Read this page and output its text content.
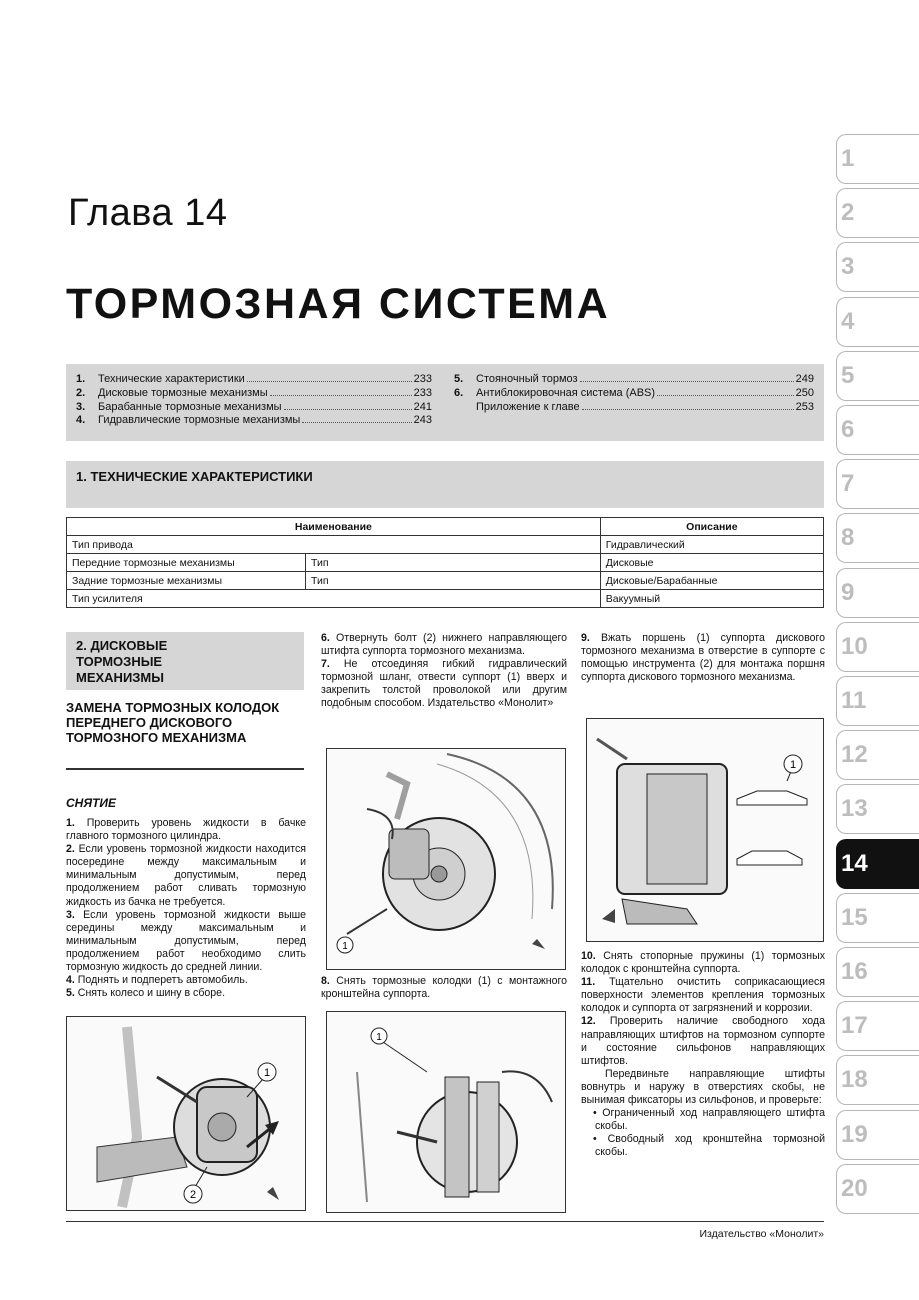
Глава 14
ТОРМОЗНАЯ СИСТЕМА
1.	Технические характеристики	233
2.	Дисковые тормозные механизмы	233
3.	Барабанные тормозные механизмы	241
4.	Гидравлические тормозные механизмы	243
5.	Стояночный тормоз	249
6.	Антиблокировочная система (ABS)	250
Приложение к главе	253
1. ТЕХНИЧЕСКИЕ ХАРАКТЕРИСТИКИ
Наименование		Описание
Тип привода		Гидравлический
Передние тормозные механизмы	Тип	Дисковые
Задние тормозные механизмы	Тип	Дисковые/Барабанные
Тип усилителя		Вакуумный
2. ДИСКОВЫЕ ТОРМОЗНЫЕ МЕХАНИЗМЫ
ЗАМЕНА ТОРМОЗНЫХ КОЛОДОК ПЕРЕДНЕГО ДИСКОВОГО ТОРМОЗНОГО МЕХАНИЗМА
СНЯТИЕ

1. Проверить уровень жидкости в бачке главного тормозного цилиндра.

2. Если уровень тормозной жидкости находится посередине между максимальным и минимальным допустимым, перед продолжением работ сливать тормозную жидкость из бачка не требуется.

3. Если уровень тормозной жидкости выше середины между максимальным и минимальным допустимым, перед продолжением работ необходимо слить тормозную жидкость до средней линии.

4. Поднять и подперетъ автомобиль.

5. Снять колесо и шину в сборе.

6. Отвернуть болт (2) нижнего направляющего штифта суппорта тормозного механизма.

7. Не отсоединяя гибкий гидравлический тормозной шланг, отвести суппорт (1) вверх и закрепить толстой проволокой или другим подобным способом. Издательство «Монолит»

8. Снять тормозные колодки (1) с монтажного кронштейна суппорта.

9. Вжать поршень (1) суппорта дискового тормозного механизма в отверстие в суппорте с помощью инструмента (2) для монтажа поршня суппорта дискового тормозного механизма.

10. Снять стопорные пружины (1) тормозных колодок с кронштейна суппорта.

11. Тщательно очистить соприкасающиеся поверхности элементов крепления тормозных колодок и суппорта от загрязнений и коррозии.

12. Проверить наличие свободного хода направляющих штифтов на тормозном суппорте и состояние сильфонов направляющих штифтов.

Передвиньте направляющие штифты вовнутрь и наружу в отверстиях скобы, не вынимая фиксаторы из сильфонов, и проверьте:

• Ограниченный ход направляющего штифта скобы.

• Свободный ход кронштейна тормозной скобы.

1
2
1
1
1
1
2
3
4
5
6
7
8
9
10
11
12
13
14
15
16
17
18
19
20
Издательство «Монолит»
